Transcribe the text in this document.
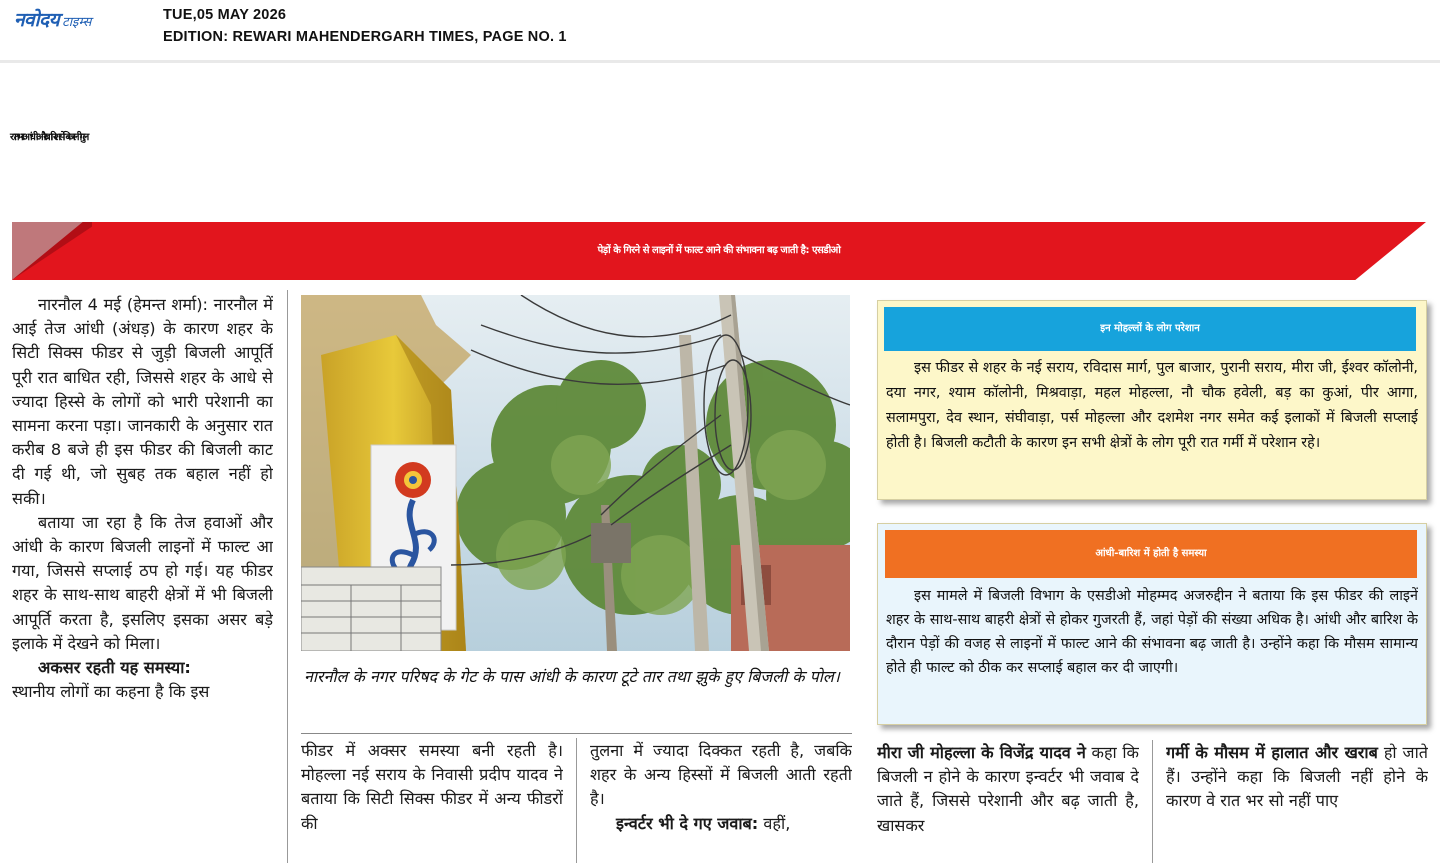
नवोदय टाइम्स	TUE,05 MAY 2026
EDITION: REWARI MAHENDERGARH TIMES, PAGE NO. 1
रातभर आंधी और बारिश से बिजली गुल
पेड़ों के गिरने से लाइनों में फाल्ट आने की संभावना बढ़ जाती है: एसडीओ

नारनौल 4 मई (हेमन्त शर्मा): नारनौल में आई तेज आंधी (अंधड़) के कारण शहर के सिटी सिक्स फीडर से जुड़ी बिजली आपूर्ति पूरी रात बाधित रही, जिससे शहर के आधे से ज्यादा हिस्से के लोगों को भारी परेशानी का सामना करना पड़ा। जानकारी के अनुसार रात करीब 8 बजे ही इस फीडर की बिजली काट दी गई थी, जो सुबह तक बहाल नहीं हो सकी।

बताया जा रहा है कि तेज हवाओं और आंधी के कारण बिजली लाइनों में फाल्ट आ गया, जिससे सप्लाई ठप हो गई। यह फीडर शहर के साथ-साथ बाहरी क्षेत्रों में भी बिजली आपूर्ति करता है, इसलिए इसका असर बड़े इलाके में देखने को मिला।

अकसर रहती यह समस्या:

स्थानीय लोगों का कहना है कि इस

नारनौल के नगर परिषद के गेट के पास आंधी के कारण टूटे तार तथा झुके हुए बिजली के पोल।

फीडर में अक्सर समस्या बनी रहती है। मोहल्ला नई सराय के निवासी प्रदीप यादव ने बताया कि सिटी सिक्स फीडर में अन्य फीडरों की

तुलना में ज्यादा दिक्कत रहती है, जबकि शहर के अन्य हिस्सों में बिजली आती रहती है।

इन्वर्टर भी दे गए जवाब: वहीं,

इन मोहल्लों के लोग परेशान
इस फीडर से शहर के नई सराय, रविदास मार्ग, पुल बाजार, पुरानी सराय, मीरा जी, ईश्वर कॉलोनी, दया नगर, श्याम कॉलोनी, मिश्रवाड़ा, महल मोहल्ला, नौ चौक हवेली, बड़ का कुआं, पीर आगा, सलामपुरा, देव स्थान, संघीवाड़ा, पर्स मोहल्ला और दशमेश नगर समेत कई इलाकों में बिजली सप्लाई होती है। बिजली कटौती के कारण इन सभी क्षेत्रों के लोग पूरी रात गर्मी में परेशान रहे।
आंधी-बारिश में होती है समस्या
इस मामले में बिजली विभाग के एसडीओ मोहम्मद अजरुद्दीन ने बताया कि इस फीडर की लाइनें शहर के साथ-साथ बाहरी क्षेत्रों से होकर गुजरती हैं, जहां पेड़ों की संख्या अधिक है। आंधी और बारिश के दौरान पेड़ों की वजह से लाइनों में फाल्ट आने की संभावना बढ़ जाती है। उन्होंने कहा कि मौसम सामान्य होते ही फाल्ट को ठीक कर सप्लाई बहाल कर दी जाएगी।

मीरा जी मोहल्ला के विजेंद्र यादव ने कहा कि बिजली न होने के कारण इन्वर्टर भी जवाब दे जाते हैं, जिससे परेशानी और बढ़ जाती है, खासकर

गर्मी के मौसम में हालात और खराब हो जाते हैं। उन्होंने कहा कि बिजली नहीं होने के कारण वे रात भर सो नहीं पाए
